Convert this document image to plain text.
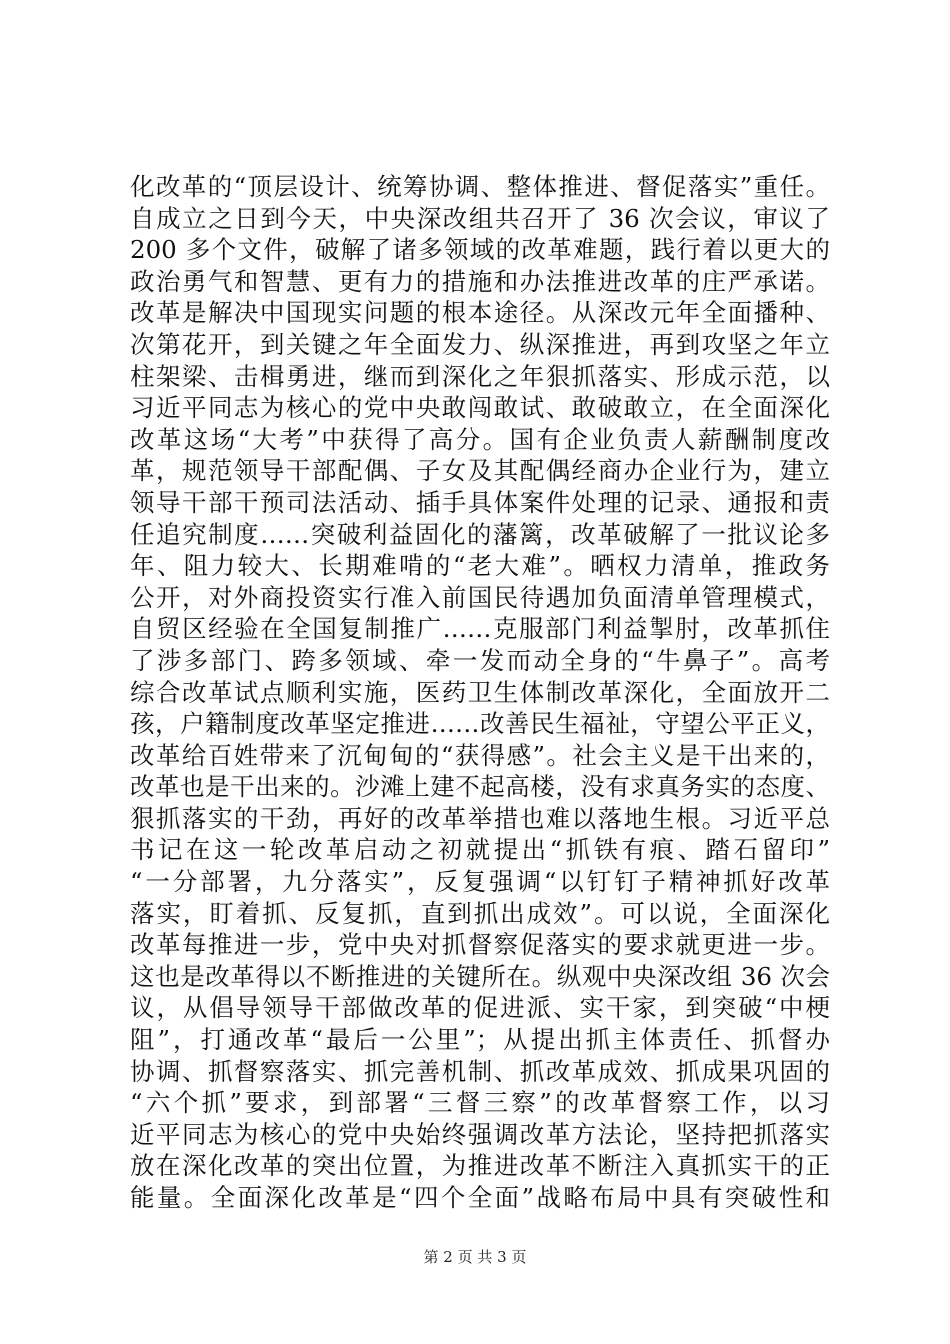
化改革的“顶层设计、统筹协调、整体推进、督促落实”重任。
自成立之日到今天，中央深改组共召开了 36 次会议，审议了
200 多个文件，破解了诸多领域的改革难题，践行着以更大的
政治勇气和智慧、更有力的措施和办法推进改革的庄严承诺。
改革是解决中国现实问题的根本途径。从深改元年全面播种、
次第花开，到关键之年全面发力、纵深推进，再到攻坚之年立
柱架梁、击楫勇进，继而到深化之年狠抓落实、形成示范，以
习近平同志为核心的党中央敢闯敢试、敢破敢立，在全面深化
改革这场“大考”中获得了高分。国有企业负责人薪酬制度改
革，规范领导干部配偶、子女及其配偶经商办企业行为，建立
领导干部干预司法活动、插手具体案件处理的记录、通报和责
任追究制度……突破利益固化的藩篱，改革破解了一批议论多
年、阻力较大、长期难啃的“老大难”。晒权力清单，推政务
公开，对外商投资实行准入前国民待遇加负面清单管理模式，
自贸区经验在全国复制推广……克服部门利益掣肘，改革抓住
了涉多部门、跨多领域、牵一发而动全身的“牛鼻子”。高考
综合改革试点顺利实施，医药卫生体制改革深化，全面放开二
孩，户籍制度改革坚定推进……改善民生福祉，守望公平正义，
改革给百姓带来了沉甸甸的“获得感”。社会主义是干出来的，
改革也是干出来的。沙滩上建不起高楼，没有求真务实的态度、
狠抓落实的干劲，再好的改革举措也难以落地生根。习近平总
书记在这一轮改革启动之初就提出“抓铁有痕、踏石留印”
“一分部署，九分落实”，反复强调“以钉钉子精神抓好改革
落实，盯着抓、反复抓，直到抓出成效”。可以说，全面深化
改革每推进一步，党中央对抓督察促落实的要求就更进一步。
这也是改革得以不断推进的关键所在。纵观中央深改组 36 次会
议，从倡导领导干部做改革的促进派、实干家，到突破“中梗
阻”，打通改革“最后一公里”；从提出抓主体责任、抓督办
协调、抓督察落实、抓完善机制、抓改革成效、抓成果巩固的
“六个抓”要求，到部署“三督三察”的改革督察工作，以习
近平同志为核心的党中央始终强调改革方法论，坚持把抓落实
放在深化改革的突出位置，为推进改革不断注入真抓实干的正
能量。全面深化改革是“四个全面”战略布局中具有突破性和
第 2 页 共 3 页
